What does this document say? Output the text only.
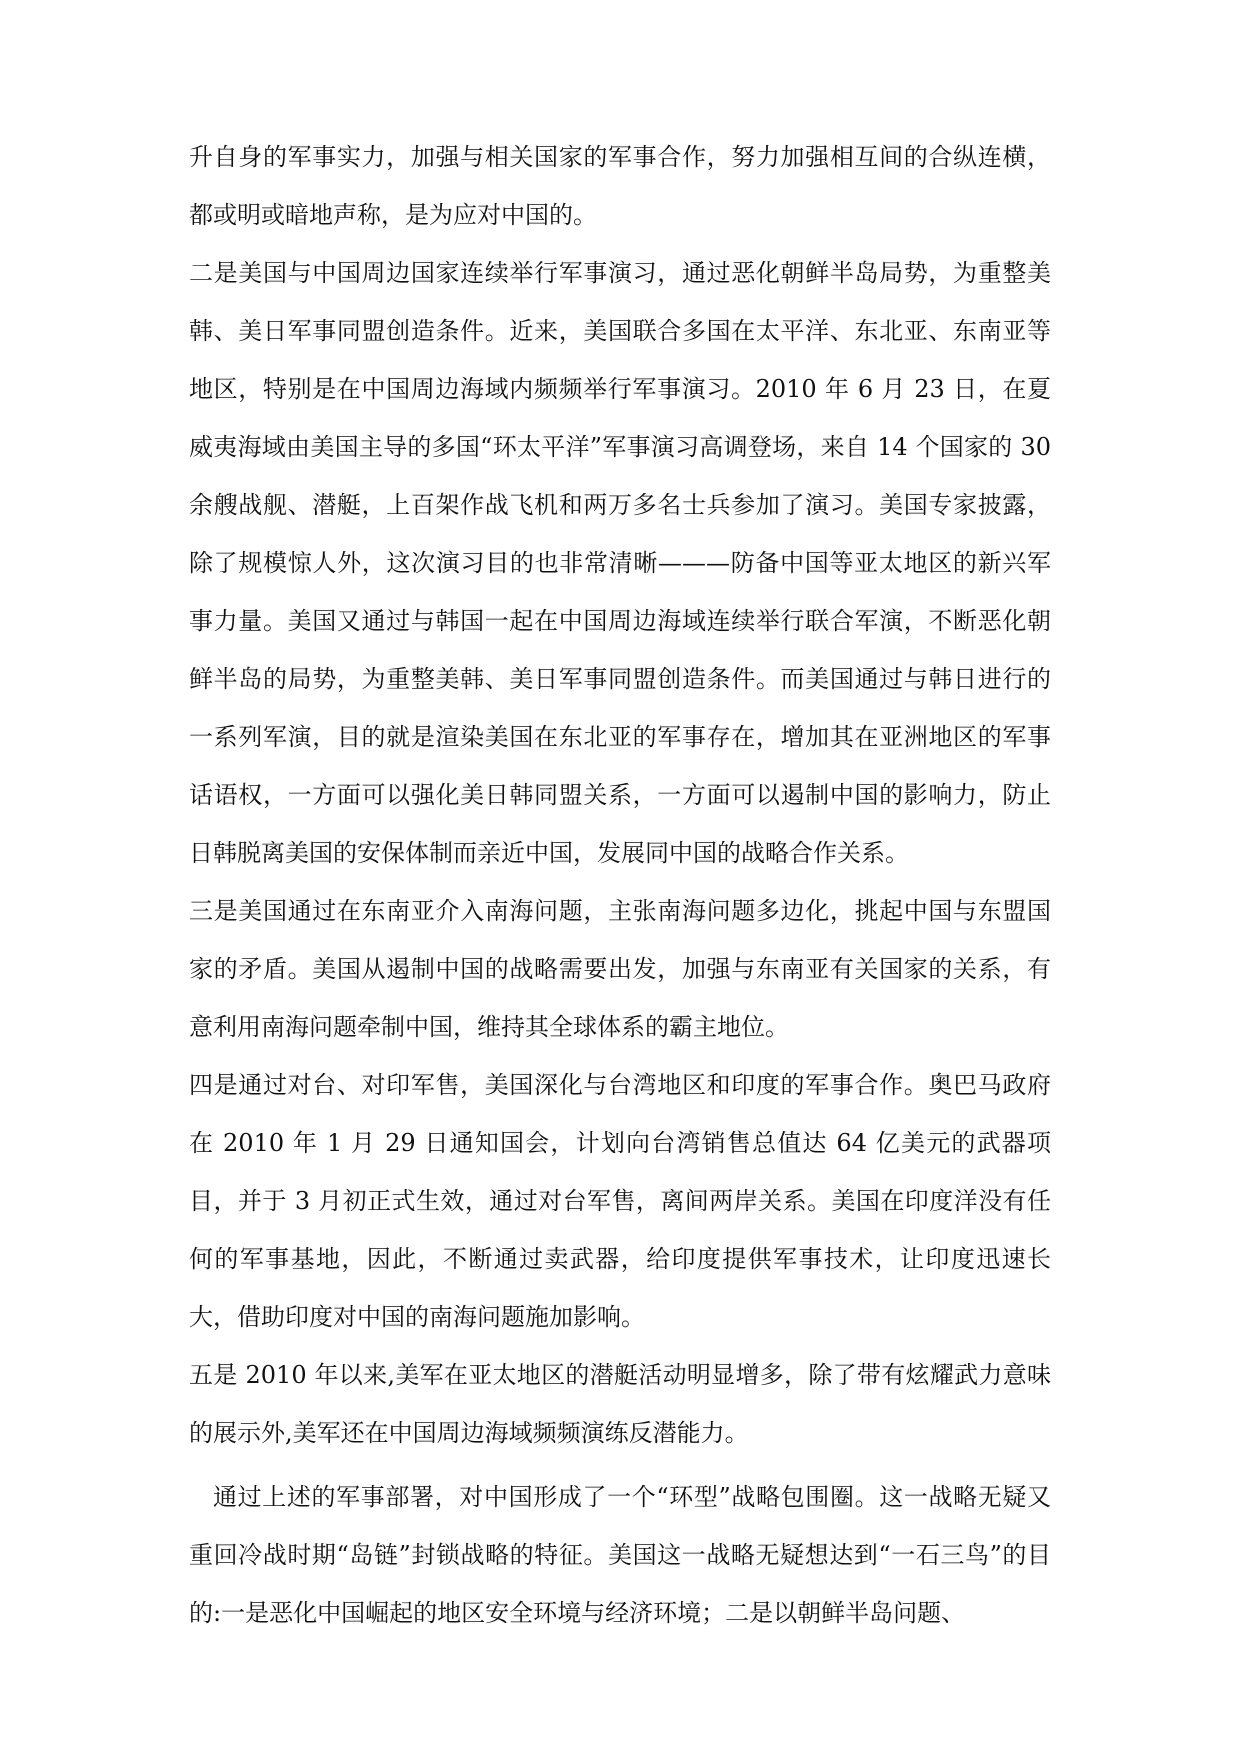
升自身的军事实力，加强与相关国家的军事合作，努力加强相互间的合纵连横，都或明或暗地声称，是为应对中国的。

二是美国与中国周边国家连续举行军事演习，通过恶化朝鲜半岛局势，为重整美韩、美日军事同盟创造条件。近来，美国联合多国在太平洋、东北亚、东南亚等地区，特别是在中国周边海域内频频举行军事演习。2010 年 6 月 23 日，在夏威夷海域由美国主导的多国“环太平洋”军事演习高调登场，来自 14 个国家的 30 余艘战舰、潜艇，上百架作战飞机和两万多名士兵参加了演习。美国专家披露，除了规模惊人外，这次演习目的也非常清晰———防备中国等亚太地区的新兴军事力量。美国又通过与韩国一起在中国周边海域连续举行联合军演，不断恶化朝鲜半岛的局势，为重整美韩、美日军事同盟创造条件。而美国通过与韩日进行的一系列军演，目的就是渲染美国在东北亚的军事存在，增加其在亚洲地区的军事话语权，一方面可以强化美日韩同盟关系，一方面可以遏制中国的影响力，防止日韩脱离美国的安保体制而亲近中国，发展同中国的战略合作关系。

三是美国通过在东南亚介入南海问题，主张南海问题多边化，挑起中国与东盟国家的矛盾。美国从遏制中国的战略需要出发，加强与东南亚有关国家的关系，有意利用南海问题牵制中国，维持其全球体系的霸主地位。

四是通过对台、对印军售，美国深化与台湾地区和印度的军事合作。奥巴马政府在 2010 年 1 月 29 日通知国会，计划向台湾销售总值达 64 亿美元的武器项目，并于 3 月初正式生效，通过对台军售，离间两岸关系。美国在印度洋没有任何的军事基地，因此，不断通过卖武器，给印度提供军事技术，让印度迅速长大，借助印度对中国的南海问题施加影响。

五是 2010 年以来,美军在亚太地区的潜艇活动明显增多，除了带有炫耀武力意味的展示外,美军还在中国周边海域频频演练反潜能力。

通过上述的军事部署，对中国形成了一个“环型”战略包围圈。这一战略无疑又重回冷战时期“岛链”封锁战略的特征。美国这一战略无疑想达到“一石三鸟”的目的:一是恶化中国崛起的地区安全环境与经济环境；二是以朝鲜半岛问题、
